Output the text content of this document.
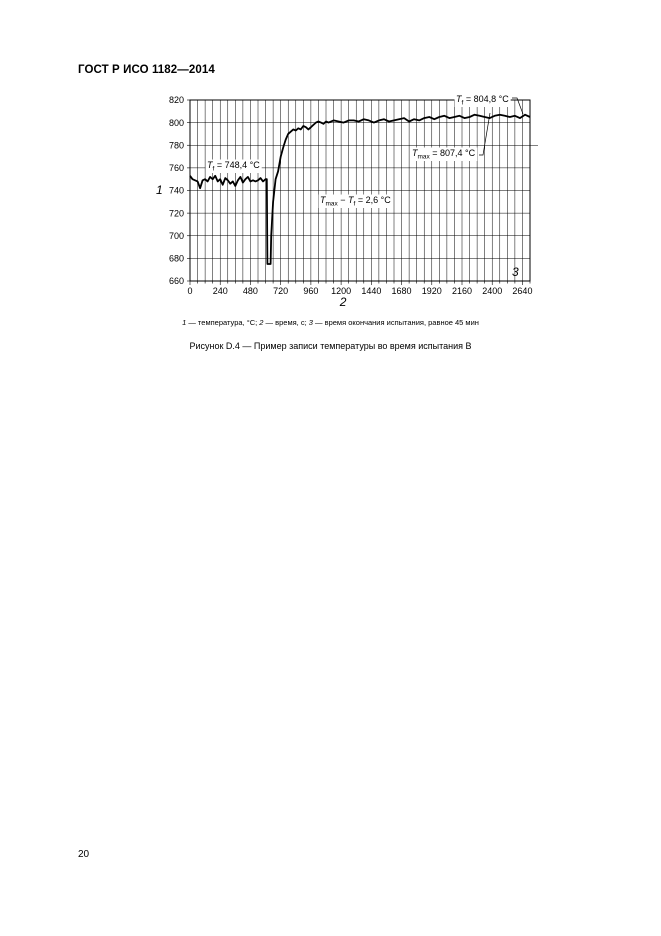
ГОСТ Р ИСО 1182—2014
0 240 480 720 960 1200 1440 1680 1920 2160 2400 2640
660
680
700
720
740
760
780
800
820
1
2
3
$T_f = 748,4$ °C
$T_f = 804,8$ °C
$T_{max} = 807,4$ °C
$T_{max} - T_f = 2,6$ °C
1 — температура, °C; 2 — время, с; 3 — время окончания испытания, равное 45 мин
Рисунок D.4 — Пример записи температуры во время испытания В
20
